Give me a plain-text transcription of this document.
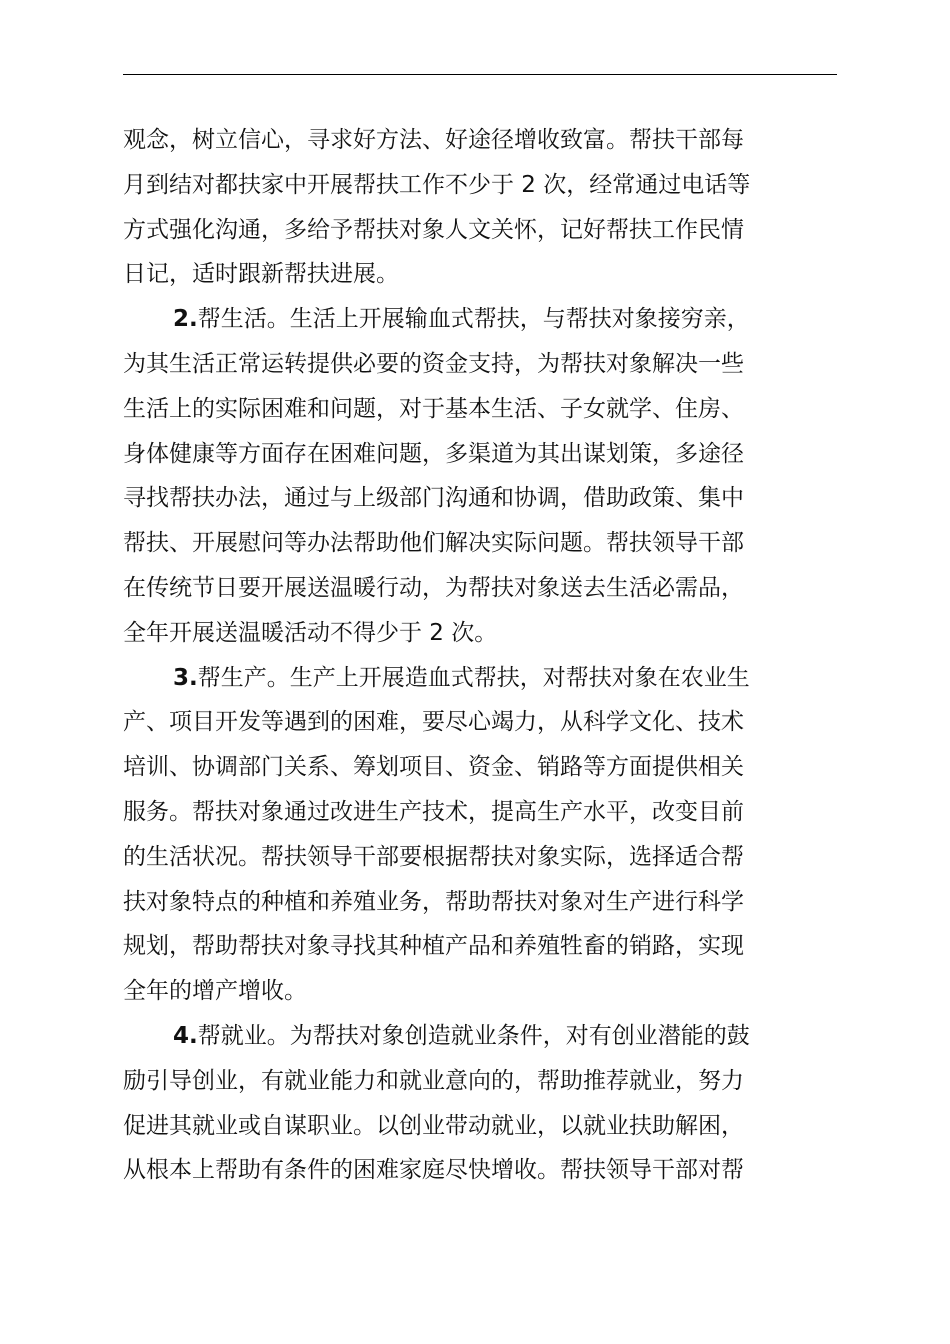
观念，树立信心，寻求好方法、好途径增收致富。帮扶干部每
月到结对都扶家中开展帮扶工作不少于 2 次，经常通过电话等
方式强化沟通，多给予帮扶对象人文关怀，记好帮扶工作民情
日记，适时跟新帮扶进展。
2.帮生活。生活上开展输血式帮扶，与帮扶对象接穷亲，
为其生活正常运转提供必要的资金支持，为帮扶对象解决一些
生活上的实际困难和问题，对于基本生活、子女就学、住房、
身体健康等方面存在困难问题，多渠道为其出谋划策，多途径
寻找帮扶办法，通过与上级部门沟通和协调，借助政策、集中
帮扶、开展慰问等办法帮助他们解决实际问题。帮扶领导干部
在传统节日要开展送温暖行动，为帮扶对象送去生活必需品，
全年开展送温暖活动不得少于 2 次。
3.帮生产。生产上开展造血式帮扶，对帮扶对象在农业生
产、项目开发等遇到的困难，要尽心竭力，从科学文化、技术
培训、协调部门关系、筹划项目、资金、销路等方面提供相关
服务。帮扶对象通过改进生产技术，提高生产水平，改变目前
的生活状况。帮扶领导干部要根据帮扶对象实际，选择适合帮
扶对象特点的种植和养殖业务，帮助帮扶对象对生产进行科学
规划，帮助帮扶对象寻找其种植产品和养殖牲畜的销路，实现
全年的增产增收。
4.帮就业。为帮扶对象创造就业条件，对有创业潜能的鼓
励引导创业，有就业能力和就业意向的，帮助推荐就业，努力
促进其就业或自谋职业。以创业带动就业，以就业扶助解困，
从根本上帮助有条件的困难家庭尽快增收。帮扶领导干部对帮
